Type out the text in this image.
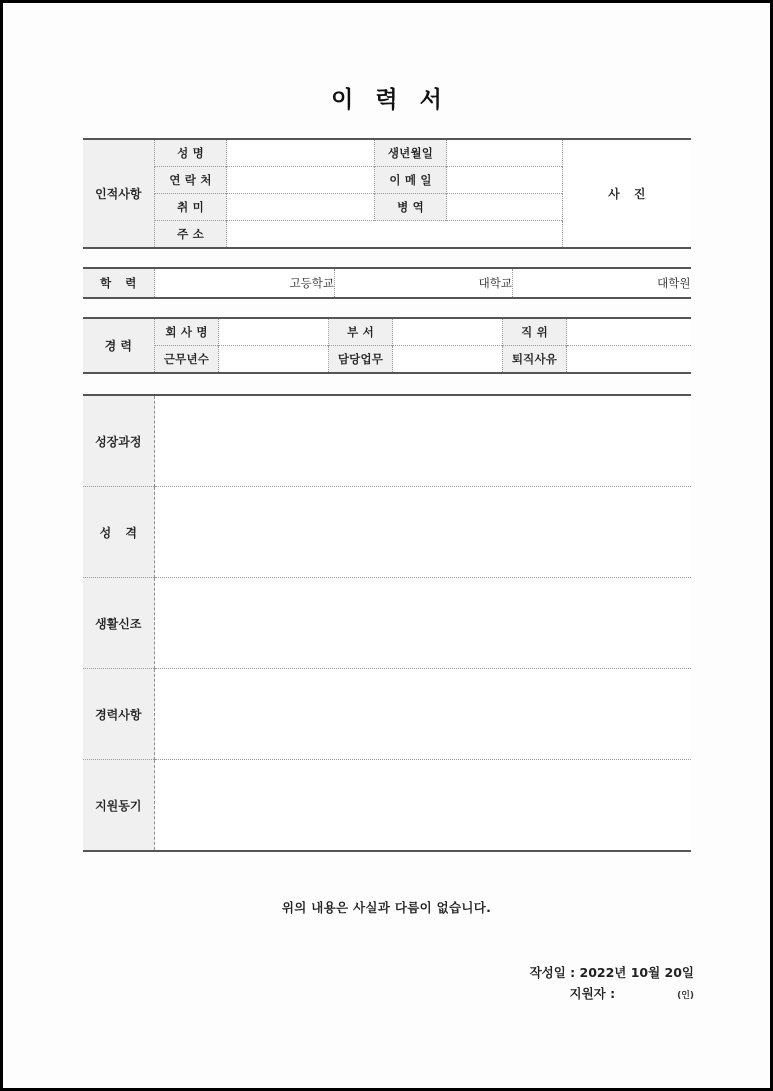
이 력 서
인적사항	성 명		생년월일		사 진
	연 락 처		이 메 일		
	취 미		병 역		
	주 소				
학 력	고등학교	대학교	대학원
경 력	회 사 명		부 서		직 위	
	근무년수		담당업무		퇴직사유	
성장과정	
성 격	
생활신조	
경력사항	
지원동기	
위의 내용은 사실과 다름이 없습니다.
작성일 : 2022년 10월 20일
지원자 :	(인)
